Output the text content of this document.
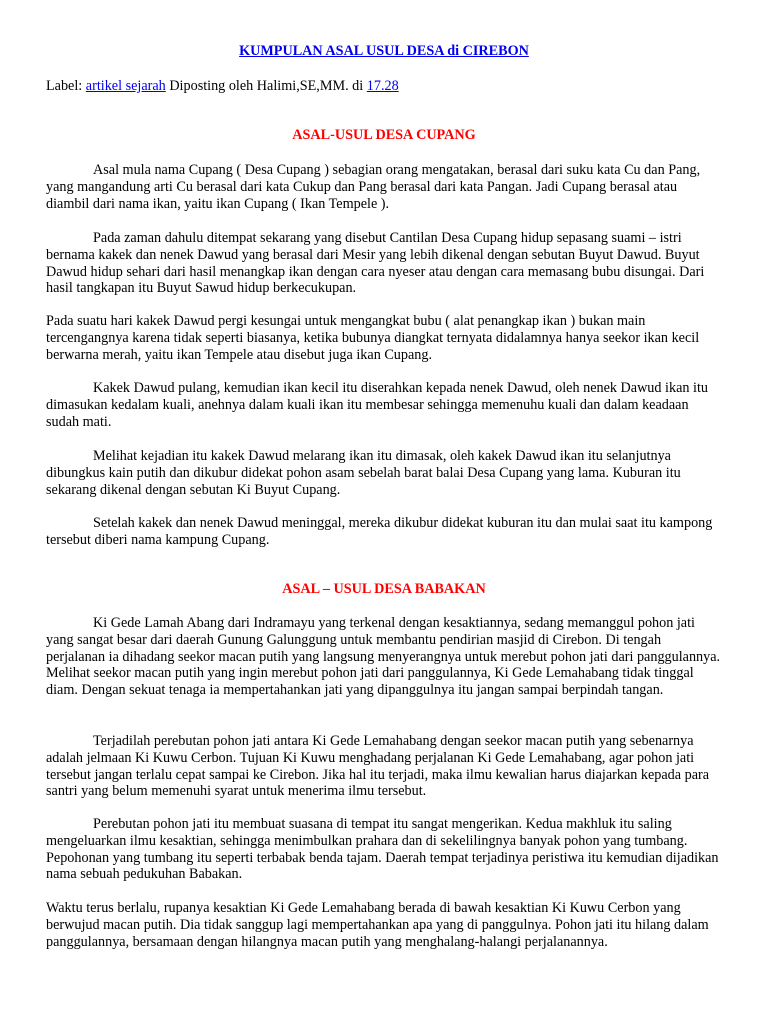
KUMPULAN ASAL USUL DESA di CIREBON
Label: artikel sejarah Diposting oleh Halimi,SE,MM. di 17.28
ASAL-USUL DESA CUPANG

Asal mula nama Cupang ( Desa Cupang ) sebagian orang mengatakan, berasal dari suku kata Cu dan Pang, yang mangandung arti Cu berasal dari kata Cukup dan Pang berasal dari kata Pangan. Jadi Cupang berasal atau diambil dari nama ikan, yaitu ikan Cupang ( Ikan Tempele ).

Pada zaman dahulu ditempat sekarang yang disebut Cantilan Desa Cupang hidup sepasang suami – istri bernama kakek dan nenek Dawud yang berasal dari Mesir yang lebih dikenal dengan sebutan Buyut Dawud. Buyut Dawud hidup sehari dari hasil menangkap ikan dengan cara nyeser atau dengan cara memasang bubu disungai. Dari hasil tangkapan itu Buyut Sawud hidup berkecukupan.

Pada suatu hari kakek Dawud pergi kesungai untuk mengangkat bubu ( alat penangkap ikan ) bukan main tercengangnya karena tidak seperti biasanya, ketika bubunya diangkat ternyata didalamnya hanya seekor ikan kecil berwarna merah, yaitu ikan Tempele atau disebut juga ikan Cupang.

Kakek Dawud pulang, kemudian ikan kecil itu diserahkan kepada nenek Dawud, oleh nenek Dawud ikan itu dimasukan kedalam kuali, anehnya dalam kuali ikan itu membesar sehingga memenuhu kuali dan dalam keadaan sudah mati.

Melihat kejadian itu kakek Dawud melarang ikan itu dimasak, oleh kakek Dawud ikan itu selanjutnya dibungkus kain putih dan dikubur didekat pohon asam sebelah barat balai Desa Cupang yang lama. Kuburan itu sekarang dikenal dengan sebutan Ki Buyut Cupang.

Setelah kakek dan nenek Dawud meninggal, mereka dikubur didekat kuburan itu dan mulai saat itu kampong tersebut diberi nama kampung Cupang.

ASAL – USUL DESA BABAKAN

Ki Gede Lamah Abang dari Indramayu yang terkenal dengan kesaktiannya, sedang memanggul pohon jati yang sangat besar dari daerah Gunung Galunggung untuk membantu pendirian masjid di Cirebon. Di tengah perjalanan ia dihadang seekor macan putih yang langsung menyerangnya untuk merebut pohon jati dari panggulannya. Melihat seekor macan putih yang ingin merebut pohon jati dari panggulannya, Ki Gede Lemahabang tidak tinggal diam. Dengan sekuat tenaga ia mempertahankan jati yang dipanggulnya itu jangan sampai berpindah tangan.

Terjadilah perebutan pohon jati antara Ki Gede Lemahabang dengan seekor macan putih yang sebenarnya adalah jelmaan Ki Kuwu Cerbon. Tujuan Ki Kuwu menghadang perjalanan Ki Gede Lemahabang, agar pohon jati tersebut jangan terlalu cepat sampai ke Cirebon. Jika hal itu terjadi, maka ilmu kewalian harus diajarkan kepada para santri yang belum memenuhi syarat untuk menerima ilmu tersebut.

Perebutan pohon jati itu membuat suasana di tempat itu sangat mengerikan. Kedua makhluk itu saling mengeluarkan ilmu kesaktian, sehingga menimbulkan prahara dan di sekelilingnya banyak pohon yang tumbang. Pepohonan yang tumbang itu seperti terbabak benda tajam. Daerah tempat terjadinya peristiwa itu kemudian dijadikan nama sebuah pedukuhan Babakan.

Waktu terus berlalu, rupanya kesaktian Ki Gede Lemahabang berada di bawah kesaktian Ki Kuwu Cerbon yang berwujud macan putih. Dia tidak sanggup lagi mempertahankan apa yang di panggulnya. Pohon jati itu hilang dalam panggulannya, bersamaan dengan hilangnya macan putih yang menghalang-halangi perjalanannya.
